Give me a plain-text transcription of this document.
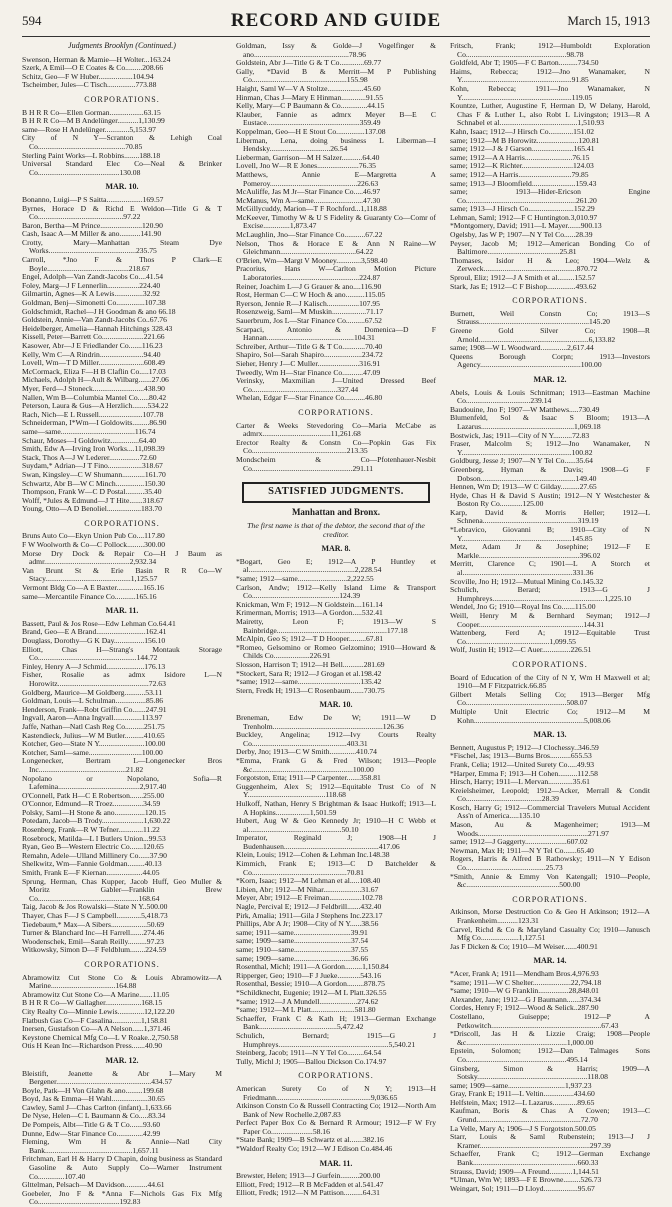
594	RECORD AND GUIDE	March 15, 1913
Judgments Brooklyn (Continued.)
Swenson, Herman & Mamie—H Wolter...163.24
Szerk, A Emil—O E Coates & Co.........208.66
Schitz, Geo—F W Huber..................104.94
Tscheimber, Jules—C Tisch...............773.88
CORPORATIONS.
B H R R Co—Ellen Gorman..................63.15
B H R R Co—M B Andelünger...........1,130.99
same—Rose H Andelünger.............5,153.97
City of N Y—Scranton & Lehigh Coal Co..............................................70.85
Sterling Paint Works—L Robbins........188.18
Universal Standard Elec Co—Neal & Brinker Co...........................................130.08
MAR. 10.
Bonanno, Luigi—P S Saitta...................169.57
Byrnes, Horace D & Richd E Weldon—Title G & T Co.............................................97.22
Baron, Bertha—M Prince......................120.90
Cash, Isaac A—M Miller & ano...........141.90
Crotty, Mary—Manhattan Steam Dye Works..............................................235.75
Carroll, *Jno F & Thos P Clark—E Boyle...........................................218.67
Engel, Adolph—Van Zandt-Jacobs Co....41.54
Foley, Marg—J F Lennerlin.................224.40
Gilmartin, Agnes—K A Lewis...............32.92
Goldman, Benj—Simonetti Co...............107.38
Goldschmidt, Rachel—J H Goodman & ano 66.18
Goldstein, Annie—Van Zandt-Jacobs Co..67.76
Heidelberger, Amelia—Hannah Hitchings 328.43
Kissell, Peter—Barrett Co......................221.66
Kasower, Abr—J E Friedlander Co.......116.23
Kelly, Wm C—A Rindrin.......................94.40
Lovell, Wm—T D Miller........................608.49
McCormack, Eliza F—H B Claflin Co.....17.03
Michaels, Adolph H—Ault & Wilbarg.......27.06
Myer, Ferd—J Stoneck...........................438.90
Nallen, Wm B—Columbia Mantel Co......80.42
Peterson, Laura & Gus—A Herzlich........534.22
Rach, Nich—E L Russell.......................107.78
Schneiderman, I*Wm—I Goldowits.........86.90
same—same.......................................116.74
Schaur, Moses—I Goldowitz...............64.40
Smith, Edw A—Irving Iron Works....11,098.39
Stack, Thos A—J W Lederer................72.60
Suydam,* Adrian—J T Fino..................318.67
Swan, Kingsley—C W Shumann............161.70
Schwartz, Abr B—W C Minch...............150.30
Thompson, Frank W—C D Postal..........35.40
Wolff, *Jules & Edmund—J T Hite.......318.67
Young, Otto—A D Benoliel..................183.70
CORPORATIONS.
Bruns Auto Co—Ekyn Union Pub Co....117.80
F W Woolworth & Co—C Pollock.........300.00
Morse Dry Dock & Repair Co—H J Baum as admr.............................................2,932.34
Van Brunt St & Erie Basin R R Co—W Stacy.............................................1,125.57
Vermont Bldg Co—A E Baxter..............165.16
same—Mercantile Finance Co...........165.16
MAR. 11.
Bassett, Paul & Jos Rose—Edw Lehman Co.64.41
Brand, Geo—E A Brand..........................162.41
Douglass, Dorothy—G K Day................156.10
Elliott, Chas H—Strang's Montauk Storage Co....................................................144.72
Finley, Henry A—J Schmid....................176.13
Fisher, Rosalie as admx Isidore L—N Horowitz................................................72.63
Goldberg, Maurice—M Goldberg...........53.11
Goldman, Louis—L Schulman................85.86
Henderson, Frank—Robt Griffin Co.......247.91
Ingvall, Aaron—Anna Ingvall...............113.97
Jaffe, Nathan—Natl Cash Reg Co..........251.75
Kastendieck, Julius—W M Butler..........410.65
Kotcher, Geo—State N Y........................100.00
Kotcher, Saml—same............................100.00
Longenecker, Bertram L—Longenecker Bros Inc..............................................21.82
Nopolano or Nopolano, Sofia—R Lafemina...........................................2,917.40
O'Connell, Patk H—C E Robertson.......255.00
O'Connor, Edmund—R Troez................34.59
Polsky, Saml—H Stone & ano................120.15
Potedam, Jacob—B Trody......................1,630.22
Rosenberg, Frank—R W Tefner.............11.22
Rosebrock, Matilda—L I Butlers Union...99.53
Ryan, Geo B—Western Electric Co.......120.65
Remahn, Adele—Ulland Millinery Co......37.90
Shelkwitz, Wm—Fannie Goldman.........40.13
Smith, Frank E—F Kiernan...................44.05
Sprung, Herman, Chas Kupper, Jacob Huff, Geo Muller & Moritz Gabler—Franklin Brew Co.....................................................168.64
Taig, Jacob & Jos Rowalski—State N Y..500.00
Thayer, Chas F—J S Campbell.............5,418.73
Tiedebaum,* Max—A Sibers...................50.69
Turner & Blanchard Inc—H Farrell.......274.46
Woodenschek, Emil—Sarah Reilly..........97.23
Witkowsky, Simon D—F Feldblum........224.59
CORPORATIONS.
Abramowitz Cut Stone Co & Louis Abramowitz—A Marine..................................164.88
Abramowitz Cut Stone Co—A Marine.......11.05
B H R R Co—W Gallagher...................168.15
City Realty Co—Minnie Lewis..............12,122.20
Flatbush Gas Co—F Casalina...............1,158.81
Inersen, Gustafson Co—A A Nelson......1,371.46
Keystone Chemical Mfg Co—L V Roake..2,750.58
Otis H Kean Inc—Richardson Press.......40.90
MAR. 12.
Bleistift, Jeanette & Abr I—Mary M Bergener..................................................434.57
Boyle, Patk—H Von Glahn & ano.........199.68
Boyd, Jas & Emma—H Wahl...................30.65
Cawley, Saml J—Chas Carlton (infant)..1,633.66
De Nyse, Helen—C L Baumann & Co.....83.34
De Pompeis, Albt—Title G & T Co.......93.60
Dunne, Edw—Star Finance Co..............42.99
Fleming, Wm H & Annie—Natl City Bank..............................................1,657.11
Fritchman, Earl H & Harry D Chapin, doing business as Standard Gasoline & Auto Supply Co—Warner Instrument Co..............107.40
Glttelman, Pelsach—M Davidson............44.61
Goebeler, Jno F & *Anna F—Nichols Gas Fix Mfg Co...........................................192.83
Goldman, Issy & Golde—J Vogelfinger & ano..................................................78.96
Goldstein, Abr J—Title G & T Co.............69.77
Gally, *David B & Merritt—M P Publishing Co..................................................155.98
Haight, Saml W—V A Stoltze...................45.60
Hinman, Chas J—Mary E Hinman.............91.55
Kelly, Mary—C P Baumann & Co..............44.15
Klauber, Fannie as admrx Meyer B—E C Eustace.................................................359.49
Koppelman, Geo—H E Stout Co...............137.08
Liberman, Lena, doing business L Liberman—I Hendsky................................26.54
Lieberman, Garrison—M H Salzer...........64.40
Lovell, Jno W—R E Jones......................76.35
Matthews, Annie E—Margretta A Pomeroy..............................................226.63
McAuliffe, Jas M Jr—Star Finance Co.....46.97
McManus, Wm A—same..........................47.30
McGillycuddy, Marion—T F Rochford...1,118.88
McKeever, Timothy W & U S Fidelity & Guaranty Co—Comr of Excise..............1,873.47
McLaughlin, Jno—Star Finance Co...........67.22
Nelson, Thos & Horace E & Ann N Raine—W Gleichmann........................................64.22
O'Brien, Wm—Margt V Mooney.............3,598.40
Pracorius, Hans W—Carlton Motion Picture Laboratories.........................................224.87
Reiner, Joachim L—J G Grauer & ano....116.90
Rost, Herman C—C W Hoch & ano..........115.05
Ryerson, Jennie R—J Kalisch.................107.95
Rosenzweig, Saml—M Muskin..................71.17
Sauerbrum, Jos L—Star Finance Co..........67.52
Scarpaci, Antonio & Domenica—D F Hannan..............................................104.31
Schreiber, Arthur—Title G & T Co............70.40
Shapiro, Sol—Sarah Shapiro....................234.72
Sieher, Henry J—C Muller......................316.91
Tweedly, Wm H—Star Finance Co...........47.09
Verinsky, Maxmilian J—United Dressed Beef Co.............................................327.44
Whelan, Edgar F—Star Finance Co...........46.80
CORPORATIONS.
Carter & Weeks Stevedoring Co—Maria McCabe as admrx....................................11,261.68
Erector Realty & Constn Co—Popkin Gas Fix Co..................................................213.35
Mondscheim & Co—Pfotenhauer-Nesbit Co.....................................................291.11
SATISFIED JUDGMENTS.
Manhattan and Bronx.
The first name is that of the debtor, the second that of the creditor.
MAR. 8.
*Bogart, Geo E; 1912—A P Huntley et al........................................................2,228.54
*same; 1912—same..........................2,222.55
Carlson, Andw; 1912—Kelly Island Lime & Transport Co..............................................124.39
Knickman, Wm F; 1912—N Goldstein....161.14
Krimerman, Morris; 1913—A Gordon.....532.41
Mairetty, Leon F; 1913—W S Bainbridge..........................................................177.18
McAlpin, Geo S; 1912—T D Hooper.........67.81
*Romeo, Gelsomino or Romeo Gelzomino; 1910—Howard & Childs Co...................226.91
Slosson, Harrison T; 1912—H Bell...........281.69
*Stockert, Sara R; 1912—J Grogan et al.198.42
*same; 1912—same.................................135.42
Stern, Fredk H; 1913—C Rosenbaum.......730.75
MAR. 10.
Breneman, Edw De W; 1911—W D Trenholm..........................................................126.36
Buckley, Angelina; 1912—Ivy Courts Realty Co..................................................403.31
Derby, Jno; 1913—C W Smith..............410.74
*Emma, Frank G & Fred Wilson; 1913—People &c.....................................................100.00
Forgotston, Etta; 1911—P Carpenter.......358.81
Guggenheim, Alex S; 1912—Equitable Trust Co of N Y.........................................118.68
Hulkoff, Nathan, Henry S Brightman & Isaac Hutkoff; 1913—L A Hopkins..................1,501.59
Hubert, Aug W & Geo Kennedy Jr; 1910—H C Webb et al.................................................50.10
Imperator, Reginald J; 1908—H J Budenhausen..................................................417.06
Klein, Louis; 1912—Cohen & Lehman Inc.148.38
Kimmich, Frank E; 1913—C D Batchelder & Co..................................................70.81
*Korn, Isaac; 1912—M Lehman et al.....108.40
Libien, Abr; 1912—M Nihar....................31.67
Meyer, Abr; 1912—E Freiman.................102.78
Nagle, Percival E; 1912—J Feldbrill.......432.40
Pirk, Amalia; 1911—Gila J Stephens Inc.223.17
Phillips, Abr A Jr; 1908—City of N Y......38.56
same; 1911—same..............................39.91
same; 1909—same..............................37.54
same; 1910—same..............................37.55
same; 1909—same..............................36.66
Rosenthal, Michl; 1911—A Gordon.........1,150.84
Ripperger, Geo; 1910—F J Jueke............543.16
Rosenthal, Bessie; 1910—A Gordon.........878.75
*Schildknecht, Eugenie; 1912—M L Platt.326.55
*same; 1912—J A Mundell....................274.62
*same; 1912—M L Platt.......................581.80
Schaeffer, Frank C & Kath H; 1913—German Exchange Bank.........................................5,472.42
Schulich, Bernard; 1915—G J Humphreys..........................................................5,540.21
Steinberg, Jacob; 1911—N Y Tel Co.........64.54
Tully, Michl J; 1905—Ballou Dickson Co.174.97
CORPORATIONS.
American Surety Co of N Y; 1913—H Friedmann..................................................9,036.65
Atkinson Constn Co & Russell Contracting Co; 1912—North Am Bank of New Rochelle.2,087.83
Perfect Paper Box Co & Bernard R Armour; 1912—F W Fry Paper Co......................58.16
*State Bank; 1909—B Schwartz et al.......382.16
*Waldorf Realty Co; 1912—W J Edison Co.484.46
MAR. 11.
Brewster, Helen; 1913—J Gurfein..........200.00
Elliott, Fred; 1912—R B McFadden et al.541.47
Elliott, Fredk; 1912—N M Pattison..........64.31
Fritsch, Frank; 1912—Humboldt Exploration Co.....................................................98.78
Goldfeld, Abr T; 1905—F C Barton..........734.50
Haims, Rebecca; 1912—Jno Wanamaker, N Y..........................................................91.85
Kohn, Rebecca; 1911—Jno Wanamaker, N Y..........................................................119.05
Kountze, Luther, Augustine F, Herman D, W Delany, Harold, Chas F & Luther L, also Robt L Livingston; 1913—R A Schnabel et al.........................................1,510.93
Kahn, Isaac; 1912—J Hirsch Co.............151.02
same; 1912—M B Horowitz......................120.81
same; 1912—J & J Garson......................165.41
same; 1912—A A Harris.........................76.15
same; 1912—K Richter...........................124.03
same; 1912—A Harris............................79.85
same; 1913—J Bloomfield.......................159.43
same; 1913—Hider-Ericson Engine Co..........................................................261.20
same; 1913—J Hirsch Co........................152.29
Lehman, Saml; 1912—F C Huntington.3,010.97
*Montgomery, David; 1911—L Mayer.......900.13
Ogelsby, Jas W P; 1907—N Y Tel Co......28.39
Peyser, Jacob M; 1912—American Bonding Co of Baltimore......................................25.81
Thomases, Isidor H & Leo; 1904—Welz & Zerweck.................................................870.72
Sproul, Eliz; 1912—J A Smith et al.........152.57
Stark, Jas E; 1912—C F Bishop...............493.62
CORPORATIONS.
Burnett, Weil Constn Co; 1913—S Strauss..........................................................145.20
Greene Gold Silver Co; 1908—R Arnold..........................................................6,133.82
same; 1908—W L Woodward..............2,617.44
Queens Borough Corpn; 1913—Investors Agency.....................................................100.00
MAR. 12.
Abels, Louis & Louis Schnitman; 1913—Eastman Machine Co..................................239.14
Baudouine, Jno F; 1907—W Matthews.....730.49
Blumenfeld, Sol & Isaac S Bloom; 1913—A Lazarus.................................................1,069.18
Bostwick, Jas; 1911—City of N Y..........72.83
Fraser, Malcolm S; 1912—Jno Wanamaker, N Y..........................................................100.82
Goldburg, Jesse J; 1907—N Y Tel Co......35.64
Greenberg, Hyman & Davis; 1908—G F Dobson..................................................149.40
Hennen, Wm D; 1913—W C Gilday..........27.65
Hyde, Chas H & David S Austin; 1912—N Y Westchester & Boston Ry Co............125.00
Karp, David & Morris Heller; 1912—L Schnena..................................................319.19
*Lebravico, Giovanni B; 1910—City of N Y..........................................................145.85
Metz, Adam Jr & Josephine; 1912—F E Markle.....................................................396.02
Merritt, Clarence C; 1901—L A Storch et al..........................................................331.36
Scoville, Jno H; 1912—Mutual Mining Co.145.32
Schulich, Berard; 1913—G J Humphreys...........................................................1,225.10
Wendel, Jno G; 1910—Royal Ins Co.......115.00
Weill, Henry M & Bernhard Seyman; 1912—J Cooper.......................................................144.31
Wattenberg, Ferd A; 1912—Equitable Trust Co............................................1,099.55
Wolf, Justin H; 1912—C Auer...............226.51
CORPORATIONS.
Board of Education of the City of N Y, Wm H Maxwell et al; 1910—M F Fitzpatrick.66.85
Gilbert Metals Selling Co; 1913—Berger Mfg Co.....................................................508.07
Multiple Unit Electric Co; 1912—M M Kohn..........................................................5,008.06
MAR. 13.
Bennett, Augustus P; 1912—J Clochessy..346.59
*Fischel, Jas; 1913—Burns Bros...........655.53
Frank, Celia; 1912—United Surety Co.....49.93
*Harper, Emma F; 1913—H Cohen..........112.58
Hirsch, Harry; 1911—L Mervan.............35.61
Kreielsheimer, Leopold; 1912—Acker, Merrall & Condit Co........................................28.39
Kosch, Harry G; 1912—Commercial Travelers Mutual Accident Ass'n of America.....135.10
Mason, Au & Magenheimer; 1913—M Woods..........................................................271.97
same; 1912—J Gaggerty......................607.02
Newman, Max H; 1911—N Y Tel Co.......65.40
Rogers, Harris & Alfred B Rathowsky; 1911—N Y Edison Co..........................................25.73
*Smith, Annie & Emmy Von Katengall; 1910—People, &c.................................................500.00
CORPORATIONS.
Atkinson, Morse Destruction Co & Geo H Atkinson; 1912—A Frankenheim...........123.31
Carvel, Richd & Co & Maryland Casualty Co; 1910—Janusch Mfg Co....................1,127.51
Jas F Dicken & Co; 1910—M Weiser.......400.91
MAR. 14.
*Acer, Frank A; 1911—Mendham Bros.4,976.93
*same; 1911—W C Shelter....................22,794.18
*same; 1910—W G Franklin................28,848.01
Alexander, Jane; 1912—G J Baumann.......374.34
Cordes, Henry F; 1912—Wood & Selick..287.90
Costellano, Guiseppe; 1912—P A Petkowitch..........................................................67.43
*Driscoll, Jas H & Lizzie Craig; 1908—People &c.....................................................1,000.00
Epstein, Solomon; 1912—Dan Talmages Sons Co.....................................................495.14
Ginsberg, Simon & Harris; 1909—A Sotsky..........................................................118.08
same; 1909—same..............................1,937.23
Gray, Frank E; 1911—L Veltin................434.60
Helfstein, Max; 1912—L Lazarus.............89.65
Kaufman, Boris & Chas A Cowen; 1913—C Grund.......................................................72.70
La Velle, Mary A; 1906—J S Forgotston.500.05
Starr, Louis & Saml Rubenstein; 1913—J J Kramer..........................................................297.39
Schaeffer, Frank C; 1912—German Exchange Bank.......................................................660.33
Strauss, David; 1909—A Freund............1,144.51
*Ulman, Wm W; 1893—F E Browne.........526.73
Weingart, Sol; 1911—D Lloyd..................95.67
